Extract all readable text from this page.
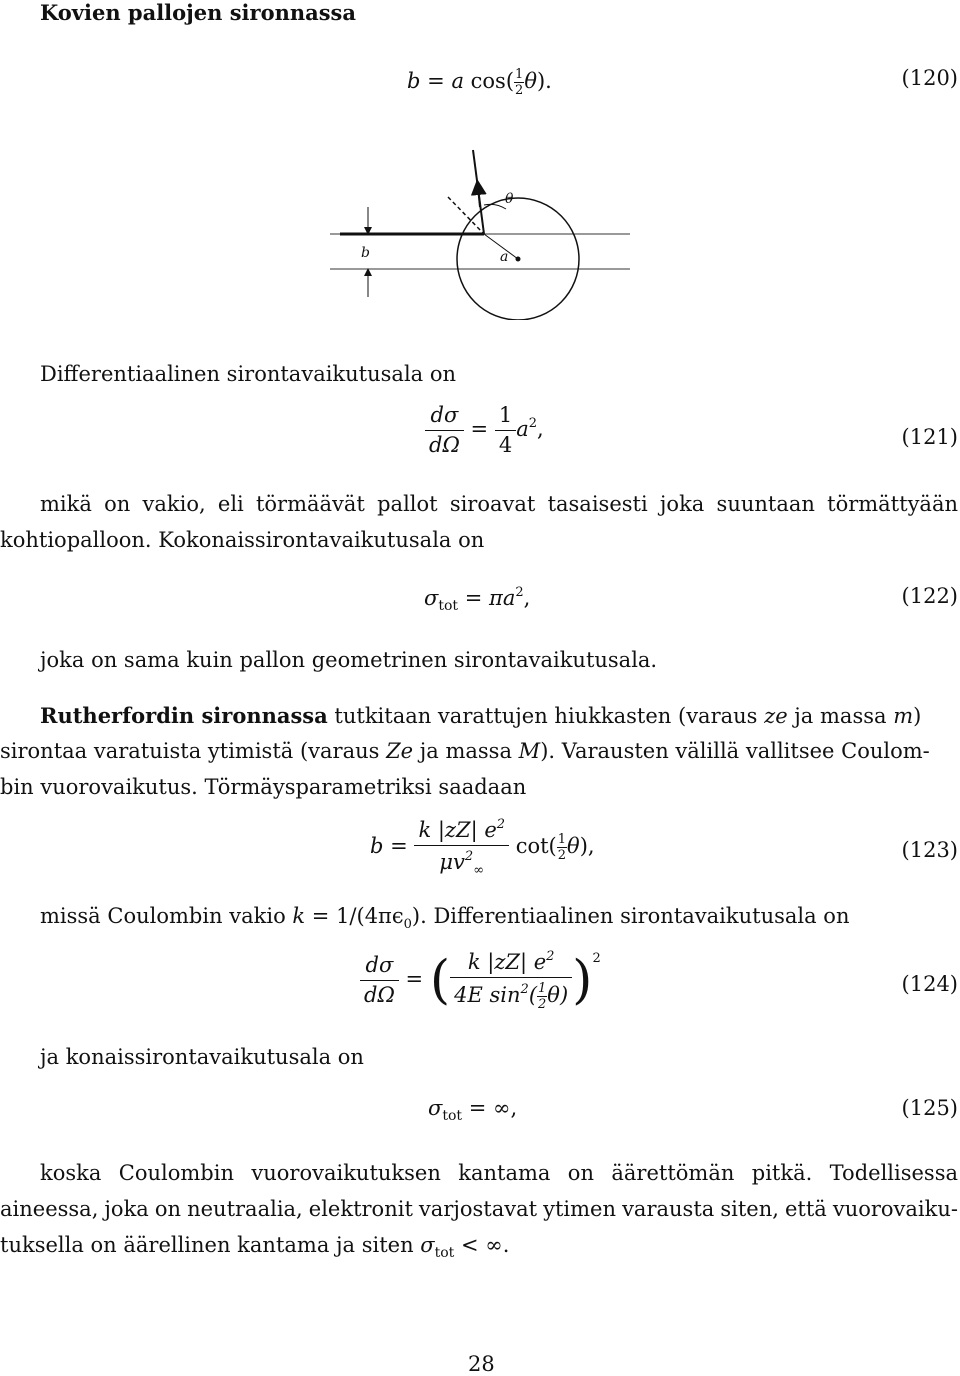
Kovien pallojen sironnassa
b = a $\cos( \frac{1}{2} \theta)$.	(120)
b	a
θ
Differentiaalinen sirontavaikutusala on
$\frac{d\sigma}{d\Omega} = \frac{1}{4} a^2$,	(121)
mikä on vakio, eli törmäävät pallot siroavat tasaisesti joka suuntaan törmättyään
kohtiopalloon. Kokonaissirontavaikutusala on
$\sigma_{tot} = \pi a^2$,	(122)
joka on sama kuin pallon geometrinen sirontavaikutusala.
Rutherfordin sironnassa tutkitaan varattujen hiukkasten (varaus ze ja massa m)
sirontaa varatuista ytimistä (varaus Ze ja massa M). Varausten välillä vallitsee Coulom-
bin vuorovaikutus. Törmäysparametriksi saadaan
$b = \frac{k |zZ| e^2}{\mu v^2_\infty} \cot( \frac{1}{2} \theta)$,	(123)
missä Coulombin vakio $k = 1/(4\pi\epsilon_0)$. Differentiaalinen sirontavaikutusala on
$\frac{d\sigma}{d\Omega}$ = ( $\frac{k |zZ| e^2}{4E \sin^2( \frac{1}{2} \theta)} )^2$
(124)
ja konaissirontavaikutusala on
$\sigma_{tot}$ = ∞,	(125)
koska Coulombin vuorovaikutuksen kantama on äärettömän pitkä. Todellisessa
aineessa, joka on neutraalia, elektronit varjostavat ytimen varausta siten, että vuorovaiku-
tuksella on äärellinen kantama ja siten $\sigma_{tot}$ < ∞.
28
